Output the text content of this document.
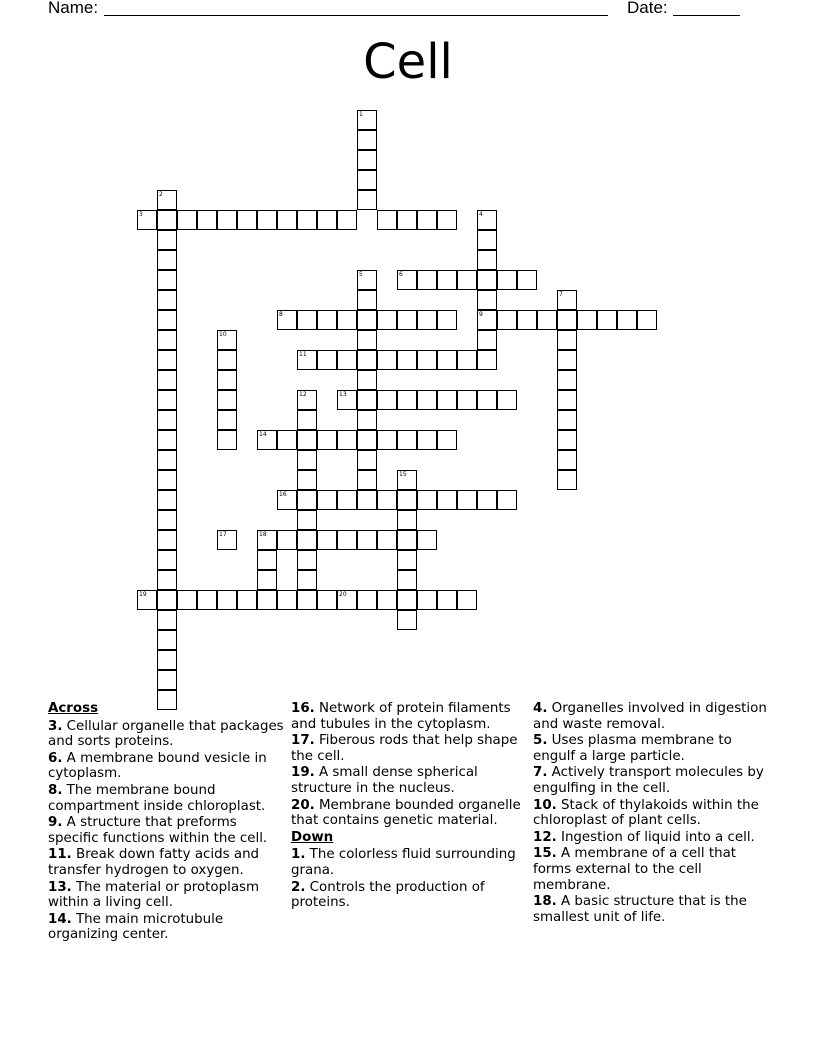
Name:	Date:
Cell
1
2
3	4
5	6
7
8	9
10
11
12	13
14
15
16
17	18
19	20
Across
3. Cellular organelle that packages and sorts proteins.
6. A membrane bound vesicle in cytoplasm.
8. The membrane bound compartment inside chloroplast.
9. A structure that preforms specific functions within the cell.
11. Break down fatty acids and transfer hydrogen to oxygen.
13. The material or protoplasm within a living cell.
14. The main microtubule organizing center.
16. Network of protein filaments and tubules in the cytoplasm.
17. Fiberous rods that help shape the cell.
19. A small dense spherical structure in the nucleus.
20. Membrane bounded organelle that contains genetic material.
Down
1. The colorless fluid surrounding grana.
2. Controls the production of proteins.
4. Organelles involved in digestion and waste removal.
5. Uses plasma membrane to engulf a large particle.
7. Actively transport molecules by engulfing in the cell.
10. Stack of thylakoids within the chloroplast of plant cells.
12. Ingestion of liquid into a cell.
15. A membrane of a cell that forms external to the cell membrane.
18. A basic structure that is the smallest unit of life.
